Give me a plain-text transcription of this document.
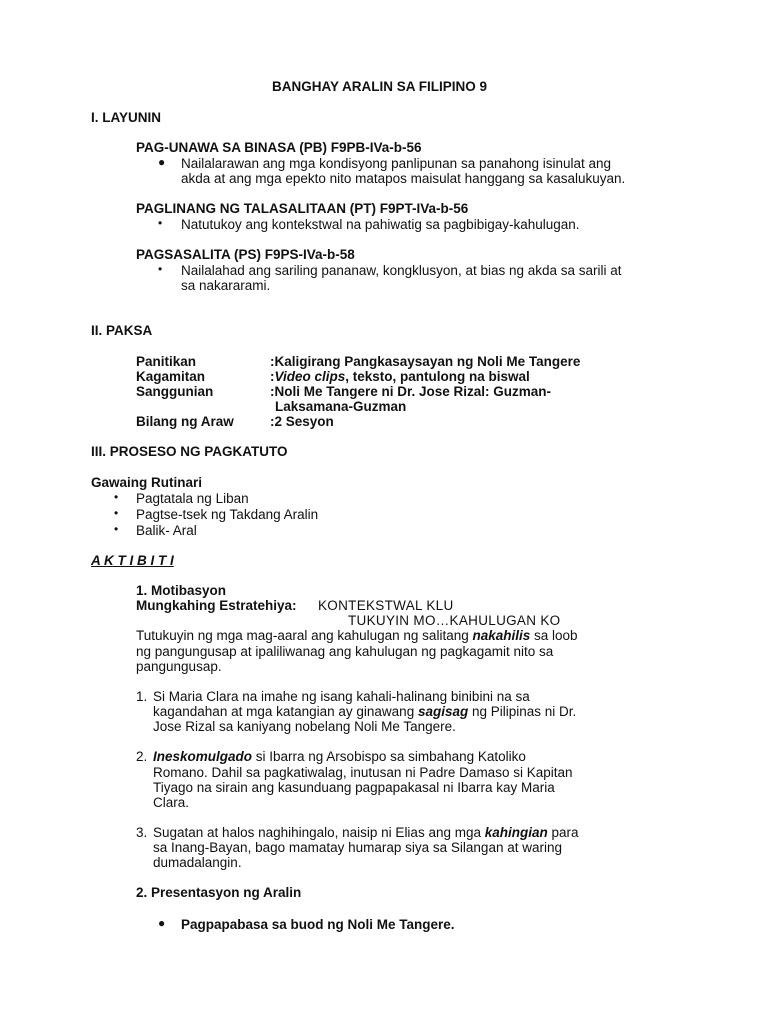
BANGHAY ARALIN SA FILIPINO 9
I. LAYUNIN
PAG-UNAWA SA BINASA (PB) F9PB-IVa-b-56
● Nailalarawan ang mga kondisyong panlipunan sa panahong isinulat ang
akda at ang mga epekto nito matapos maisulat hanggang sa kasalukuyan.
PAGLINANG NG TALASALITAAN (PT) F9PT-IVa-b-56
• Natutukoy ang kontekstwal na pahiwatig sa pagbibigay-kahulugan.
PAGSASALITA (PS) F9PS-IVa-b-58
• Nailalahad ang sariling pananaw, kongklusyon, at bias ng akda sa sarili at
sa nakararami.
II. PAKSA
Panitikan	:Kaligirang Pangkasaysayan ng Noli Me Tangere
Kagamitan	:Video clips, teksto, pantulong na biswal
Sanggunian	:Noli Me Tangere ni Dr. Jose Rizal: Guzman-
Laksamana-Guzman
Bilang ng Araw	:2 Sesyon
III. PROSESO NG PAGKATUTO
Gawaing Rutinari
• Pagtatala ng Liban
• Pagtse-tsek ng Takdang Aralin
• Balik- Aral
A K T I B I T I
1. Motibasyon
Mungkahing Estratehiya: KONTEKSTWAL KLU
TUKUYIN MO…KAHULUGAN KO
Tutukuyin ng mga mag-aaral ang kahulugan ng salitang nakahilis sa loob
ng pangungusap at ipaliliwanag ang kahulugan ng pagkagamit nito sa
pangungusap.
1. Si Maria Clara na imahe ng isang kahali-halinang binibini na sa
kagandahan at mga katangian ay ginawang sagisag ng Pilipinas ni Dr.
Jose Rizal sa kaniyang nobelang Noli Me Tangere.
2. Ineskomulgado si Ibarra ng Arsobispo sa simbahang Katoliko
Romano. Dahil sa pagkatiwalag, inutusan ni Padre Damaso si Kapitan
Tiyago na sirain ang kasunduang pagpapakasal ni Ibarra kay Maria
Clara.
3. Sugatan at halos naghihingalo, naisip ni Elias ang mga kahingian para
sa Inang-Bayan, bago mamatay humarap siya sa Silangan at waring
dumadalangin.
2. Presentasyon ng Aralin
● Pagpapabasa sa buod ng Noli Me Tangere.
